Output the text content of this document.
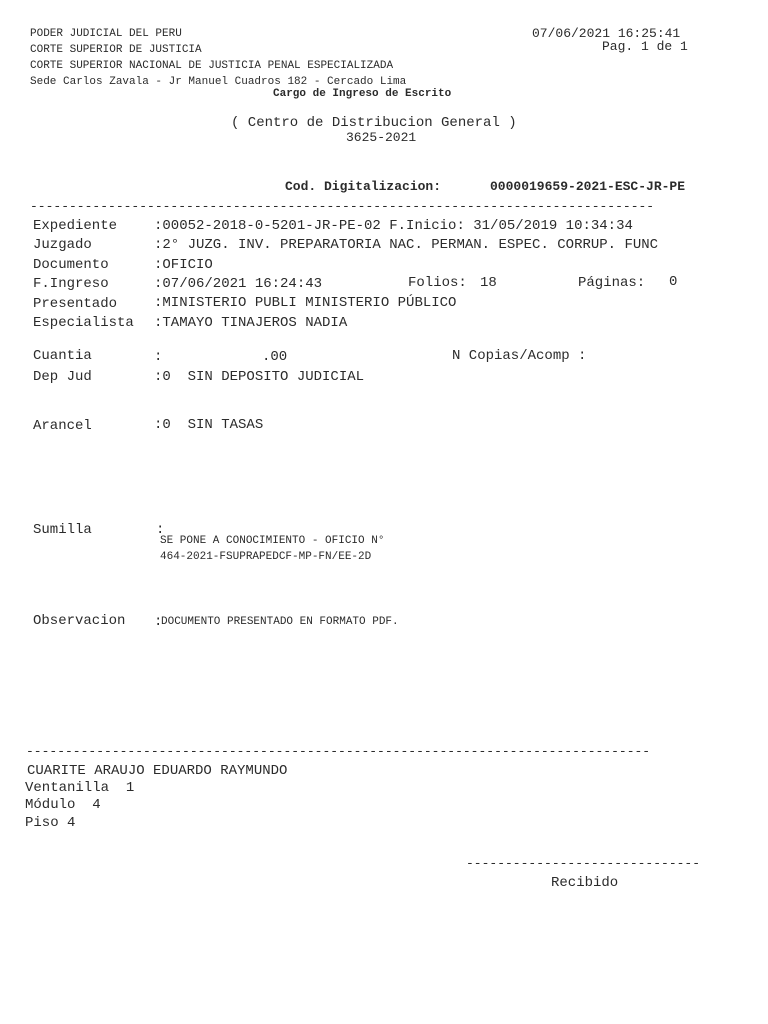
PODER JUDICIAL DEL PERU
CORTE SUPERIOR DE JUSTICIA
CORTE SUPERIOR NACIONAL DE JUSTICIA PENAL ESPECIALIZADA
Sede Carlos Zavala - Jr Manuel Cuadros 182 - Cercado Lima
07/06/2021 16:25:41
Pag. 1 de 1
Cargo de Ingreso de Escrito
( Centro de Distribucion General )
3625-2021
Cod. Digitalizacion:	0000019659-2021-ESC-JR-PE
--------------------------------------------------------------------------------
Expediente	:00052-2018-0-5201-JR-PE-02 F.Inicio: 31/05/2019 10:34:34
Juzgado	:2° JUZG. INV. PREPARATORIA NAC. PERMAN. ESPEC. CORRUP. FUNC
Documento	:OFICIO
F.Ingreso	:07/06/2021 16:24:43	Folios: 18	Páginas: 0
Presentado	:MINISTERIO PUBLI MINISTERIO PÚBLICO
Especialista :TAMAYO TINAJEROS NADIA
Cuantia	:	.00	N Copias/Acomp :
Dep Jud	:0  SIN DEPOSITO JUDICIAL
Arancel	:0  SIN TASAS
Sumilla	:
SE PONE A CONOCIMIENTO - OFICIO N°
464-2021-FSUPRAPEDCF-MP-FN/EE-2D
Observacion :
DOCUMENTO PRESENTADO EN FORMATO PDF.
--------------------------------------------------------------------------------
CUARITE ARAUJO EDUARDO RAYMUNDO
Ventanilla  1
Módulo  4
Piso 4
------------------------------
Recibido
